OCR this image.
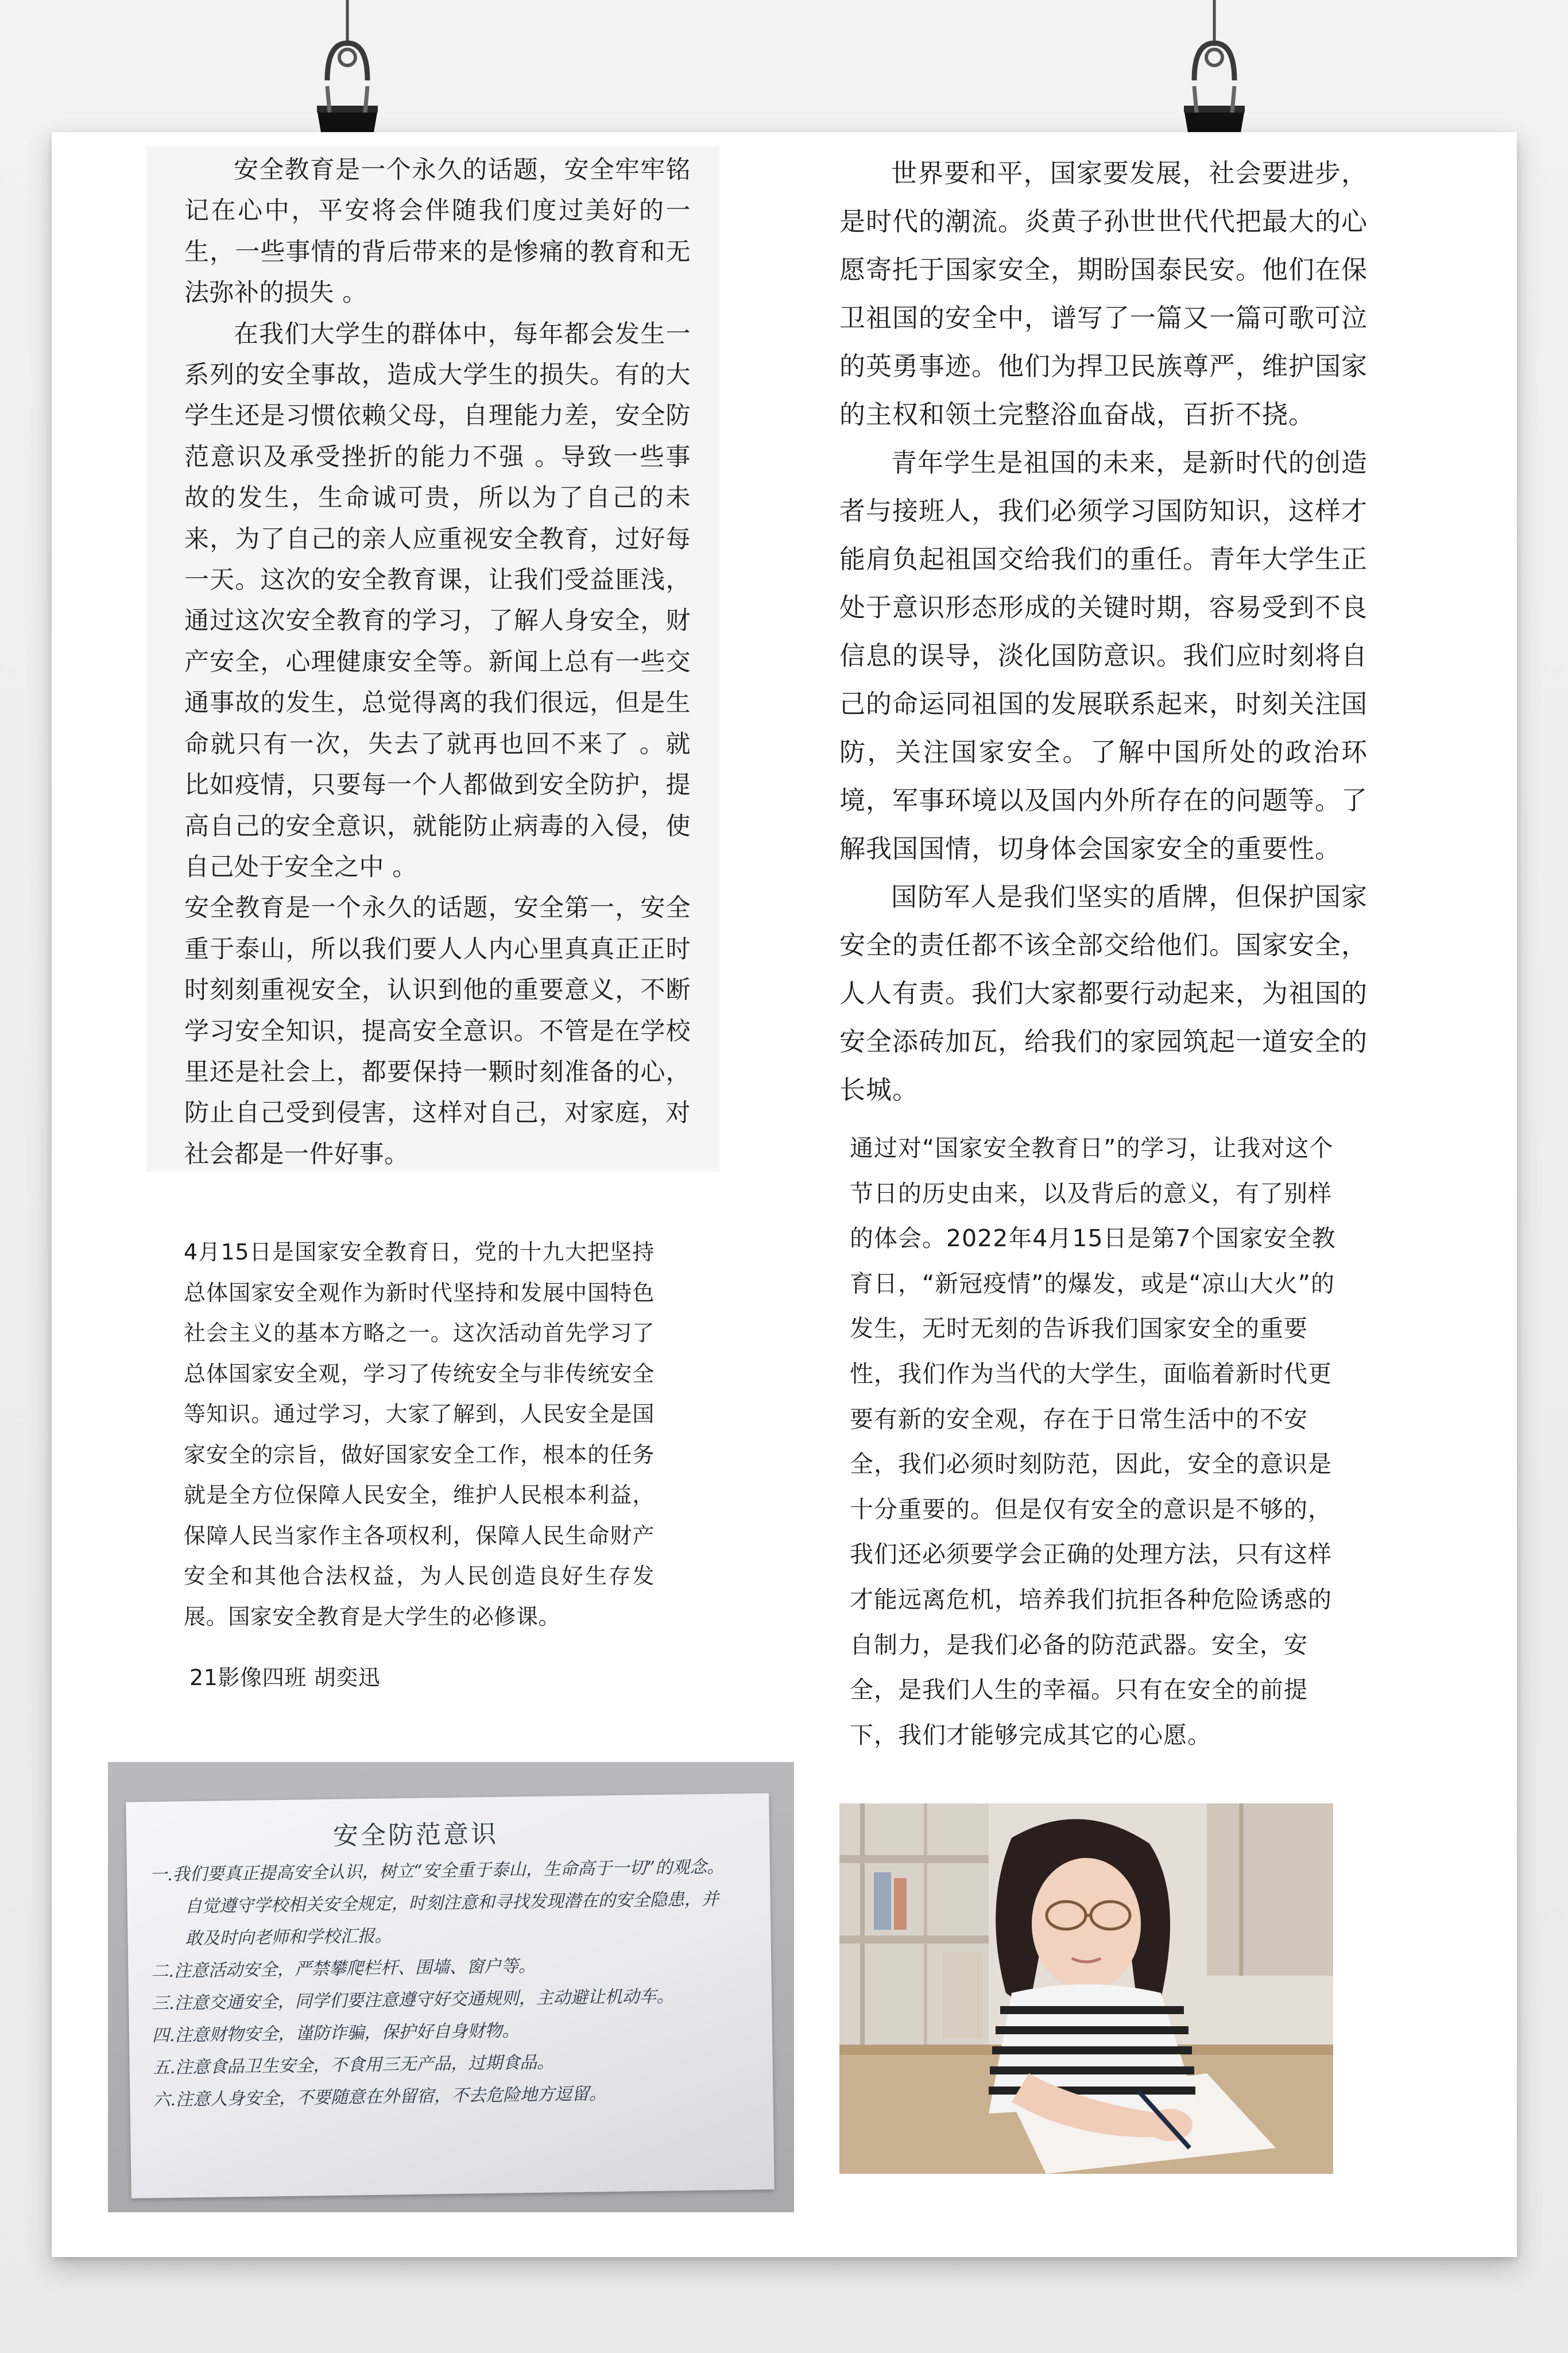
安全教育是一个永久的话题，安全牢牢铭记在心中，平安将会伴随我们度过美好的一生，一些事情的背后带来的是惨痛的教育和无法弥补的损失 。

在我们大学生的群体中，每年都会发生一系列的安全事故，造成大学生的损失。有的大学生还是习惯依赖父母，自理能力差，安全防范意识及承受挫折的能力不强 。导致一些事故的发生，生命诚可贵，所以为了自己的未来，为了自己的亲人应重视安全教育，过好每一天。这次的安全教育课，让我们受益匪浅，通过这次安全教育的学习，了解人身安全，财产安全，心理健康安全等。新闻上总有一些交通事故的发生，总觉得离的我们很远，但是生命就只有一次，失去了就再也回不来了 。就比如疫情，只要每一个人都做到安全防护，提高自己的安全意识，就能防止病毒的入侵，使自己处于安全之中 。

安全教育是一个永久的话题，安全第一，安全重于泰山，所以我们要人人内心里真真正正时时刻刻重视安全，认识到他的重要意义，不断学习安全知识，提高安全意识。不管是在学校里还是社会上，都要保持一颗时刻准备的心，防止自己受到侵害，这样对自己，对家庭，对社会都是一件好事。

世界要和平，国家要发展，社会要进步，是时代的潮流。炎黄子孙世世代代把最大的心愿寄托于国家安全，期盼国泰民安。他们在保卫祖国的安全中，谱写了一篇又一篇可歌可泣的英勇事迹。他们为捍卫民族尊严，维护国家的主权和领土完整浴血奋战，百折不挠。

青年学生是祖国的未来，是新时代的创造者与接班人，我们必须学习国防知识，这样才能肩负起祖国交给我们的重任。青年大学生正处于意识形态形成的关键时期，容易受到不良信息的误导，淡化国防意识。我们应时刻将自己的命运同祖国的发展联系起来，时刻关注国防，关注国家安全。了解中国所处的政治环境，军事环境以及国内外所存在的问题等。了解我国国情，切身体会国家安全的重要性。

国防军人是我们坚实的盾牌，但保护国家安全的责任都不该全部交给他们。国家安全，人人有责。我们大家都要行动起来，为祖国的安全添砖加瓦，给我们的家园筑起一道安全的长城。

4月15日是国家安全教育日，党的十九大把坚持总体国家安全观作为新时代坚持和发展中国特色社会主义的基本方略之一。这次活动首先学习了总体国家安全观，学习了传统安全与非传统安全等知识。通过学习，大家了解到，人民安全是国家安全的宗旨，做好国家安全工作，根本的任务就是全方位保障人民安全，维护人民根本利益，保障人民当家作主各项权利，保障人民生命财产安全和其他合法权益，为人民创造良好生存发展。国家安全教育是大学生的必修课。

21影像四班 胡奕迅

通过对“国家安全教育日”的学习，让我对这个节日的历史由来，以及背后的意义，有了别样的体会。2022年4月15日是第7个国家安全教育日，“新冠疫情”的爆发，或是“凉山大火”的发生，无时无刻的告诉我们国家安全的重要性，我们作为当代的大学生，面临着新时代更要有新的安全观，存在于日常生活中的不安全，我们必须时刻防范，因此，安全的意识是十分重要的。但是仅有安全的意识是不够的，我们还必须要学会正确的处理方法，只有这样才能远离危机，培养我们抗拒各种危险诱惑的自制力，是我们必备的防范武器。安全，安全，是我们人生的幸福。只有在安全的前提下，我们才能够完成其它的心愿。

安全防范意识
一.我们要真正提高安全认识，树立“安全重于泰山，生命高于一切”的观念。
自觉遵守学校相关安全规定，时刻注意和寻找发现潜在的安全隐患，并
敢及时向老师和学校汇报。
二.注意活动安全，严禁攀爬栏杆、围墙、窗户等。
三.注意交通安全，同学们要注意遵守好交通规则，主动避让机动车。
四.注意财物安全，谨防诈骗，保护好自身财物。
五.注意食品卫生安全，不食用三无产品，过期食品。
六.注意人身安全，不要随意在外留宿，不去危险地方逗留。
